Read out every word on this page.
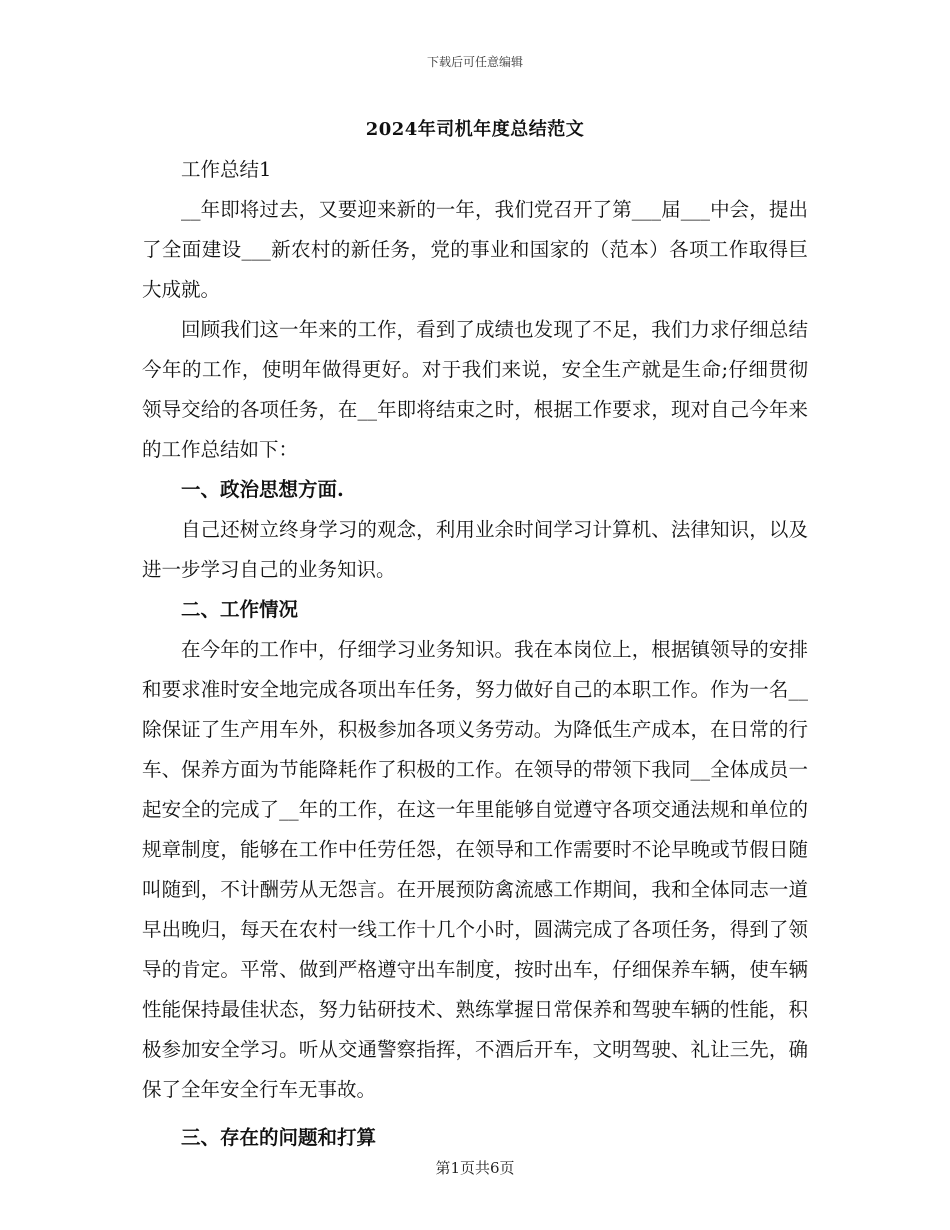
下载后可任意编辑
2024年司机年度总结范文

工作总结1

__年即将过去，又要迎来新的一年，我们党召开了第___届___中会，提出了全面建设___新农村的新任务，党的事业和国家的（范本）各项工作取得巨大成就。

回顾我们这一年来的工作，看到了成绩也发现了不足，我们力求仔细总结今年的工作，使明年做得更好。对于我们来说，安全生产就是生命;仔细贯彻领导交给的各项任务，在__年即将结束之时，根据工作要求，现对自己今年来的工作总结如下：

一、政治思想方面.

自己还树立终身学习的观念，利用业余时间学习计算机、法律知识，以及进一步学习自己的业务知识。

二、工作情况

在今年的工作中，仔细学习业务知识。我在本岗位上，根据镇领导的安排和要求准时安全地完成各项出车任务，努力做好自己的本职工作。作为一名__除保证了生产用车外，积极参加各项义务劳动。为降低生产成本，在日常的行车、保养方面为节能降耗作了积极的工作。在领导的带领下我同__全体成员一起安全的完成了__年的工作，在这一年里能够自觉遵守各项交通法规和单位的规章制度，能够在工作中任劳任怨，在领导和工作需要时不论早晚或节假日随叫随到，不计酬劳从无怨言。在开展预防禽流感工作期间，我和全体同志一道早出晚归，每天在农村一线工作十几个小时，圆满完成了各项任务，得到了领导的肯定。平常、做到严格遵守出车制度，按时出车，仔细保养车辆，使车辆性能保持最佳状态，努力钻研技术、熟练掌握日常保养和驾驶车辆的性能，积极参加安全学习。听从交通警察指挥，不酒后开车，文明驾驶、礼让三先，确保了全年安全行车无事故。

三、存在的问题和打算
第1页共6页
